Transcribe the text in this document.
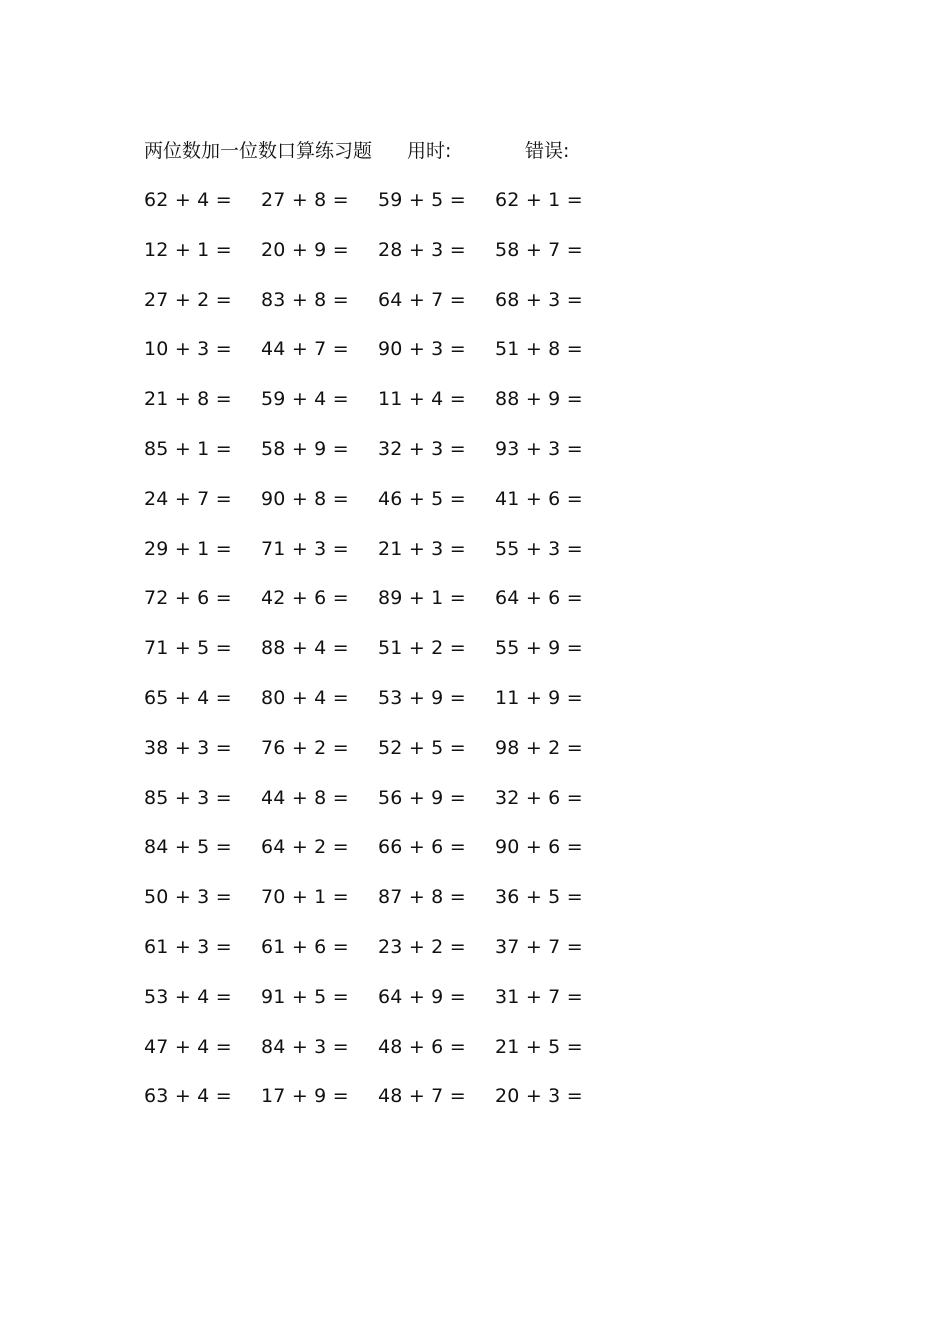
两位数加一位数口算练习题 用时:	错误:
62 + 4 = 27 + 8 = 59 + 5 = 62 + 1 =
12 + 1 = 20 + 9 = 28 + 3 = 58 + 7 =
27 + 2 = 83 + 8 = 64 + 7 = 68 + 3 =
10 + 3 = 44 + 7 = 90 + 3 = 51 + 8 =
21 + 8 = 59 + 4 = 11 + 4 = 88 + 9 =
85 + 1 = 58 + 9 = 32 + 3 = 93 + 3 =
24 + 7 = 90 + 8 = 46 + 5 = 41 + 6 =
29 + 1 = 71 + 3 = 21 + 3 = 55 + 3 =
72 + 6 = 42 + 6 = 89 + 1 = 64 + 6 =
71 + 5 = 88 + 4 = 51 + 2 = 55 + 9 =
65 + 4 = 80 + 4 = 53 + 9 = 11 + 9 =
38 + 3 = 76 + 2 = 52 + 5 = 98 + 2 =
85 + 3 = 44 + 8 = 56 + 9 = 32 + 6 =
84 + 5 = 64 + 2 = 66 + 6 = 90 + 6 =
50 + 3 = 70 + 1 = 87 + 8 = 36 + 5 =
61 + 3 = 61 + 6 = 23 + 2 = 37 + 7 =
53 + 4 = 91 + 5 = 64 + 9 = 31 + 7 =
47 + 4 = 84 + 3 = 48 + 6 = 21 + 5 =
63 + 4 = 17 + 9 = 48 + 7 = 20 + 3 =
